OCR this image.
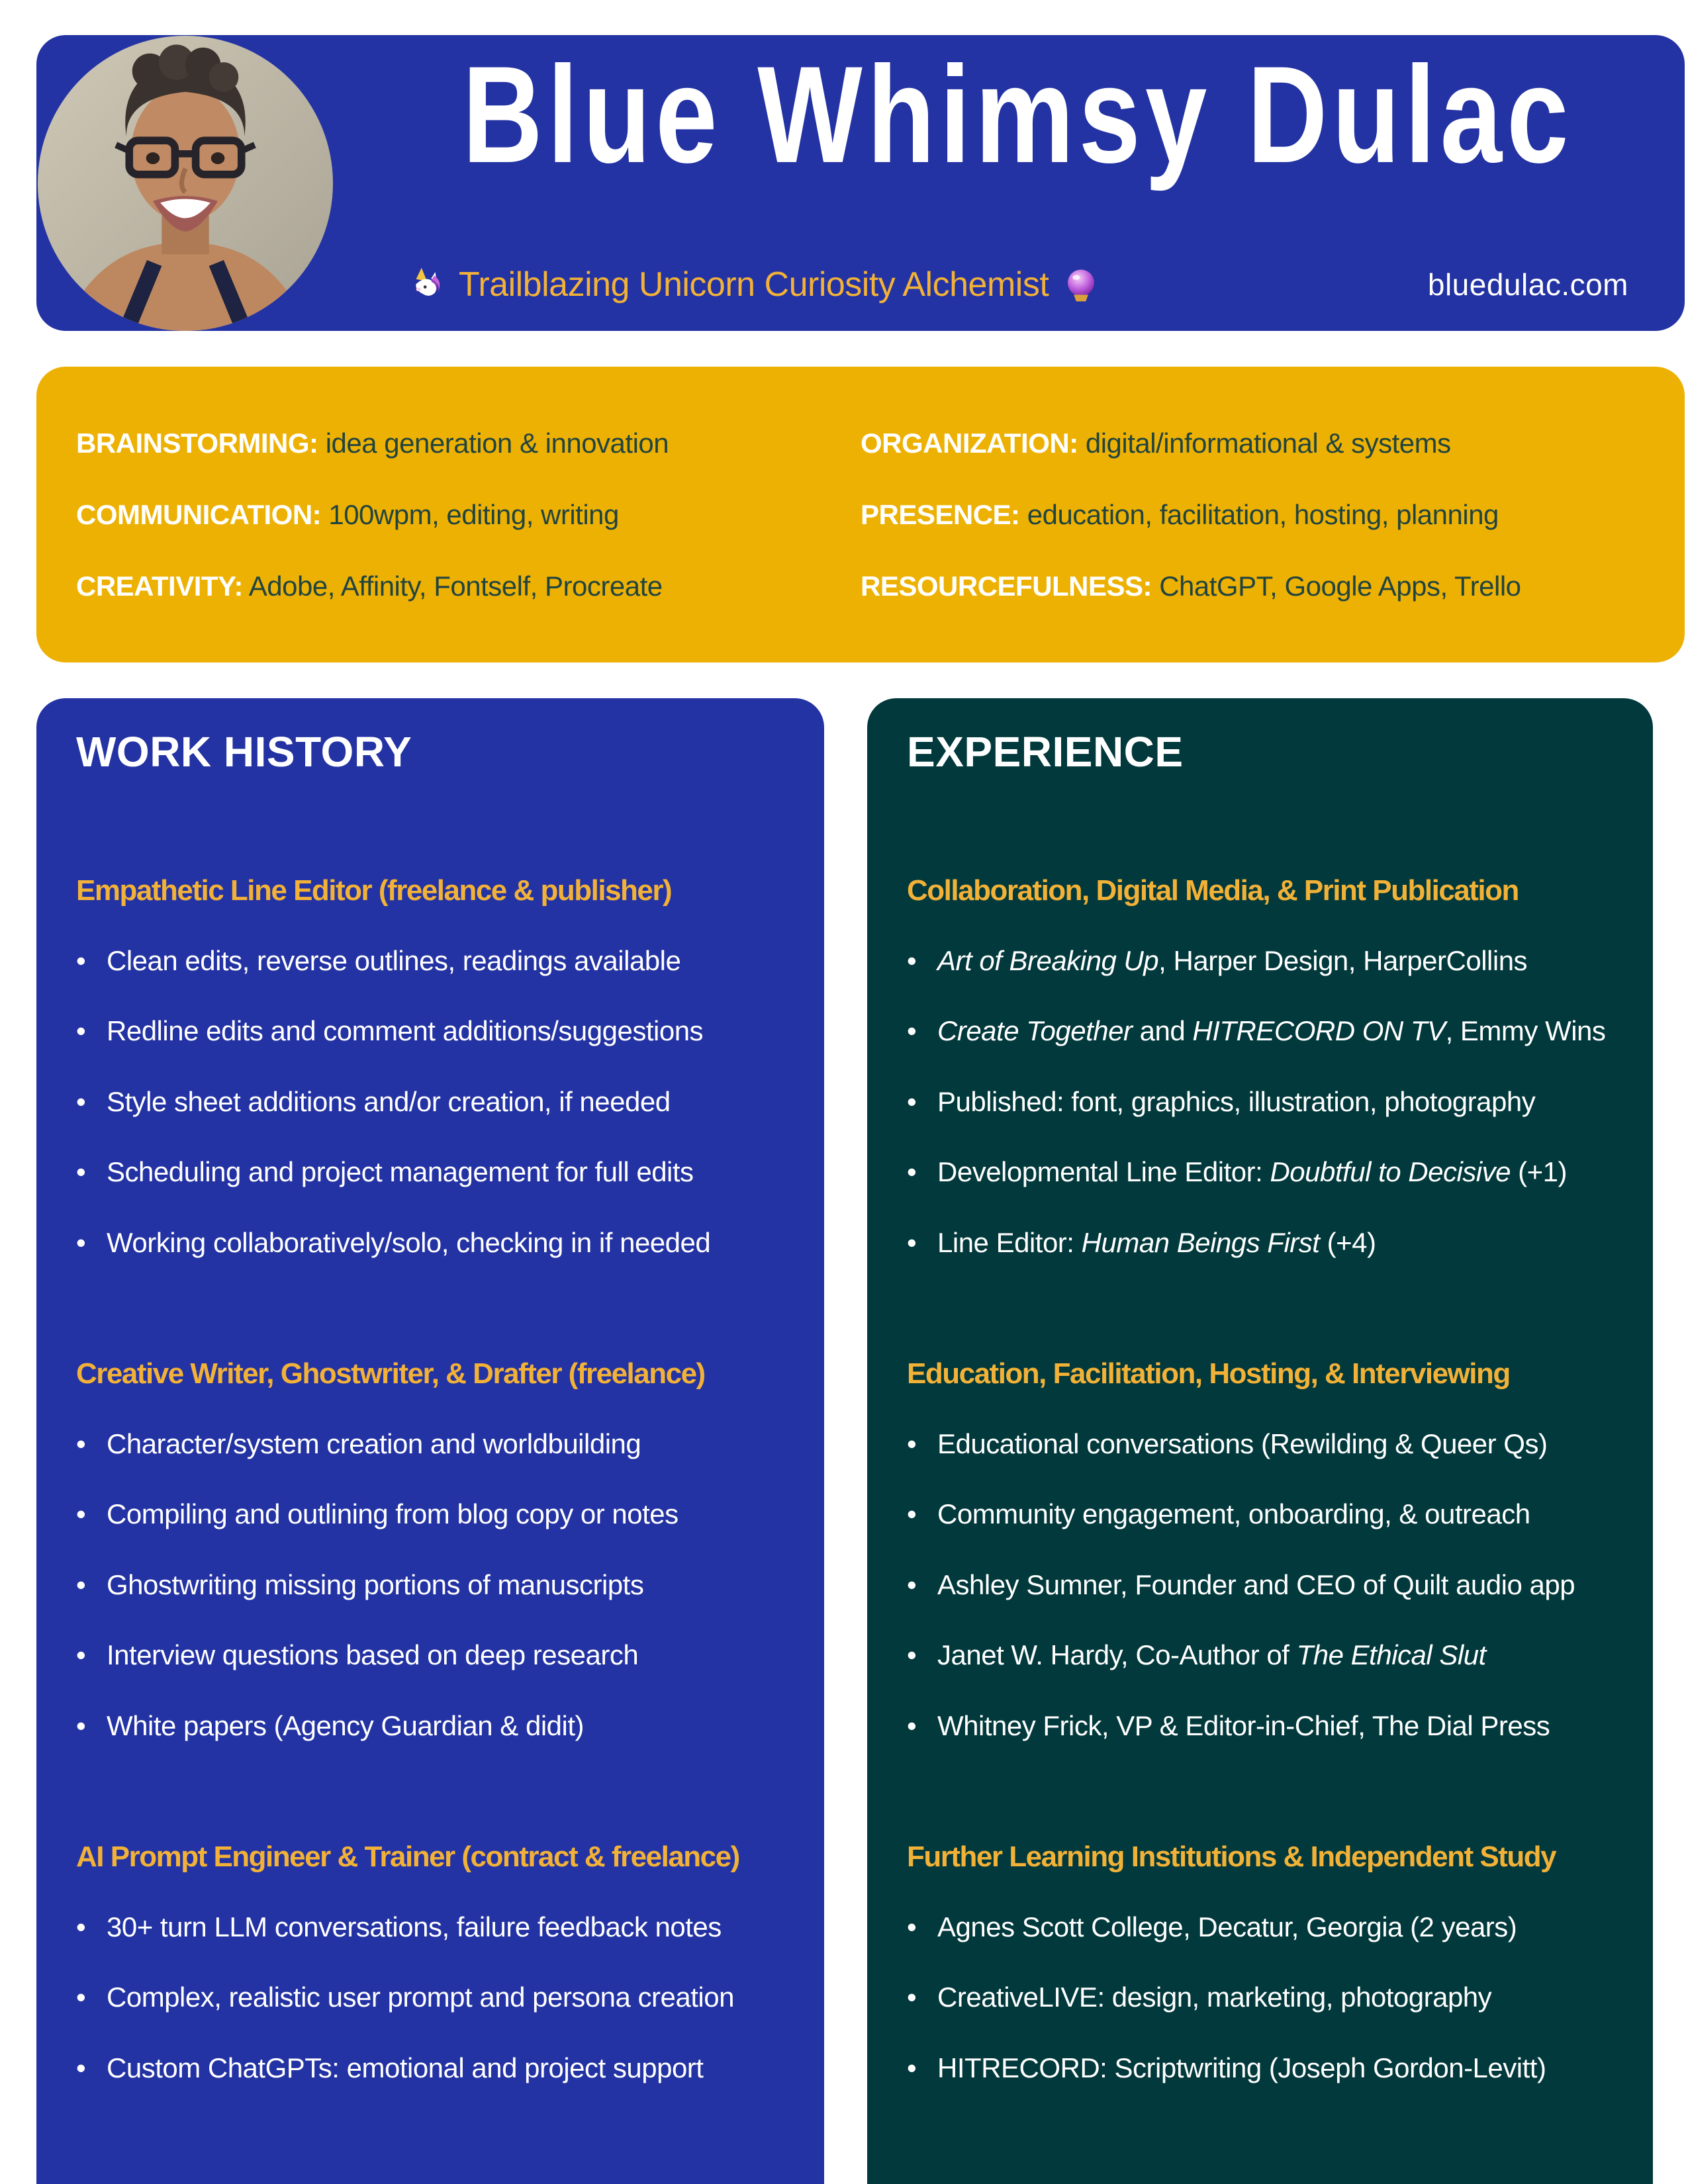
Blue Whimsy Dulac
Trailblazing Unicorn Curiosity Alchemist	bluedulac.com
BRAINSTORMING: idea generation & innovation
COMMUNICATION: 100wpm, editing, writing
CREATIVITY: Adobe, Affinity, Fontself, Procreate
ORGANIZATION: digital/informational & systems
PRESENCE: education, facilitation, hosting, planning
RESOURCEFULNESS: ChatGPT, Google Apps, Trello
WORK HISTORY
Empathetic Line Editor (freelance & publisher)

• Clean edits, reverse outlines, readings available

• Redline edits and comment additions/suggestions

• Style sheet additions and/or creation, if needed

• Scheduling and project management for full edits

• Working collaboratively/solo, checking in if needed

Creative Writer, Ghostwriter, & Drafter (freelance)

• Character/system creation and worldbuilding

• Compiling and outlining from blog copy or notes

• Ghostwriting missing portions of manuscripts

• Interview questions based on deep research

• White papers (Agency Guardian & didit)

AI Prompt Engineer & Trainer (contract & freelance)

• 30+ turn LLM conversations, failure feedback notes

• Complex, realistic user prompt and persona creation

• Custom ChatGPTs: emotional and project support

EXPERIENCE
Collaboration, Digital Media, & Print Publication

• Art of Breaking Up, Harper Design, HarperCollins

• Create Together and HITRECORD ON TV, Emmy Wins

• Published: font, graphics, illustration, photography

• Developmental Line Editor: Doubtful to Decisive (+1)

• Line Editor: Human Beings First (+4)

Education, Facilitation, Hosting, & Interviewing

• Educational conversations (Rewilding & Queer Qs)

• Community engagement, onboarding, & outreach

• Ashley Sumner, Founder and CEO of Quilt audio app

• Janet W. Hardy, Co-Author of The Ethical Slut

• Whitney Frick, VP & Editor-in-Chief, The Dial Press

Further Learning Institutions & Independent Study

• Agnes Scott College, Decatur, Georgia (2 years)

• CreativeLIVE: design, marketing, photography

• HITRECORD: Scriptwriting (Joseph Gordon-Levitt)
